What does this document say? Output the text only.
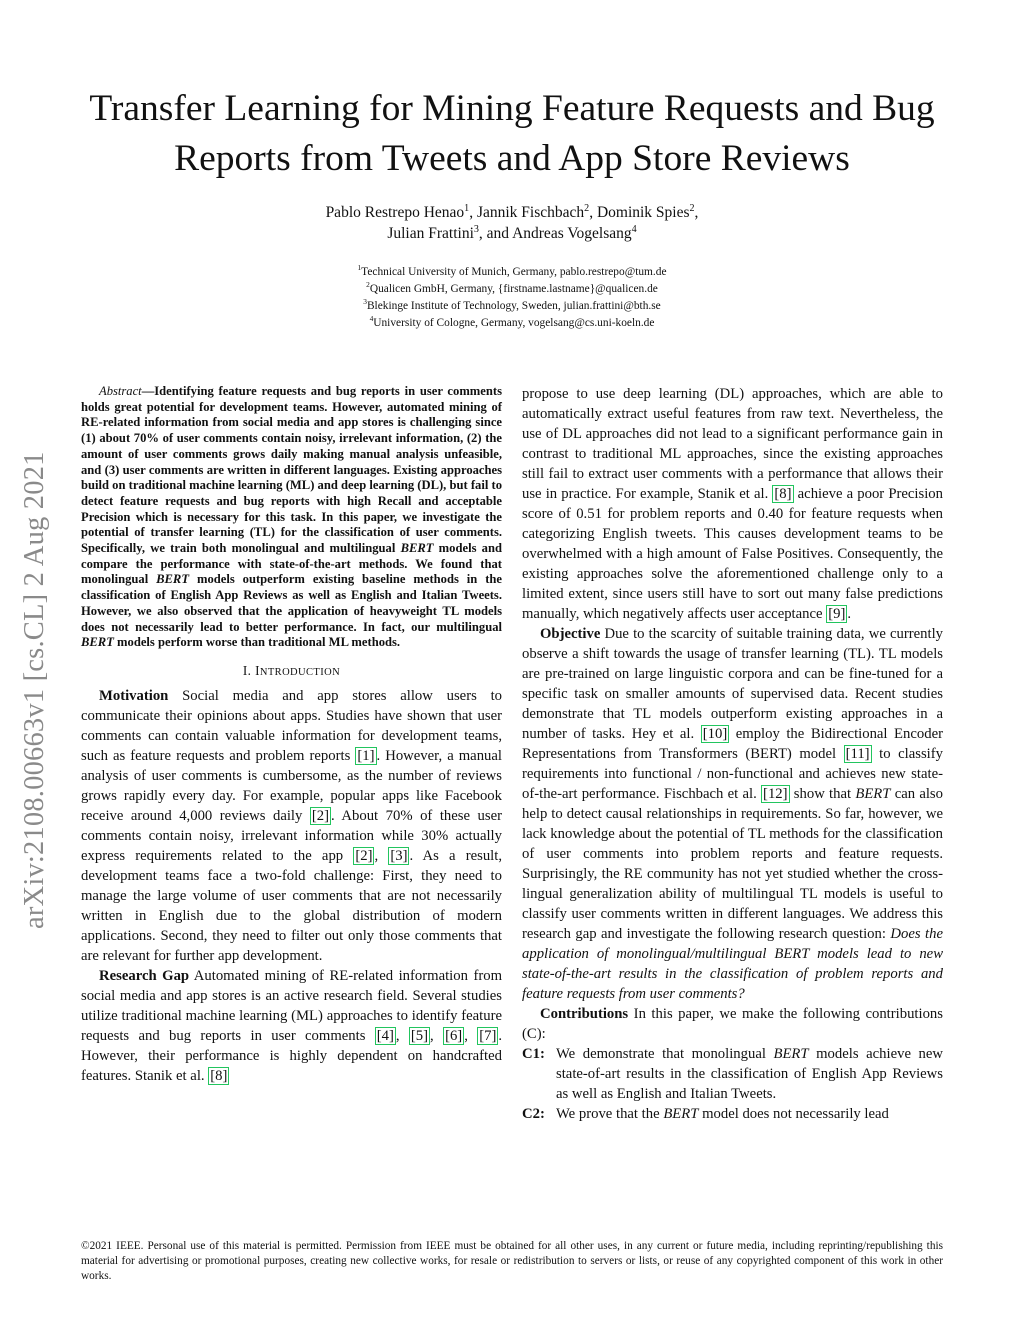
Transfer Learning for Mining Feature Requests and Bug Reports from Tweets and App Store Reviews
Pablo Restrepo Henao$^1$, Jannik Fischbach$^2$, Dominik Spies$^2$,
Julian Frattini$^3$, and Andreas Vogelsang$^4$
$^1$Technical University of Munich, Germany, pablo.restrepo@tum.de
$^2$Qualicen GmbH, Germany, {firstname.lastname}@qualicen.de
$^3$Blekinge Institute of Technology, Sweden, julian.frattini@bth.se
$^4$University of Cologne, Germany, vogelsang@cs.uni-koeln.de
arXiv:2108.00663v1 [cs.CL] 2 Aug 2021

Abstract—Identifying feature requests and bug reports in user comments holds great potential for development teams. However, automated mining of RE-related information from social media and app stores is challenging since (1) about 70% of user comments contain noisy, irrelevant information, (2) the amount of user comments grows daily making manual analysis unfeasible, and (3) user comments are written in different languages. Existing approaches build on traditional machine learning (ML) and deep learning (DL), but fail to detect feature requests and bug reports with high Recall and acceptable Precision which is necessary for this task. In this paper, we investigate the potential of transfer learning (TL) for the classification of user comments. Specifically, we train both monolingual and multilingual BERT models and compare the performance with state-of-the-art methods. We found that monolingual BERT models outperform existing baseline methods in the classification of English App Reviews as well as English and Italian Tweets. However, we also observed that the application of heavyweight TL models does not necessarily lead to better performance. In fact, our multilingual BERT models perform worse than traditional ML methods.

I. INTRODUCTION

Motivation Social media and app stores allow users to communicate their opinions about apps. Studies have shown that user comments can contain valuable information for development teams, such as feature requests and problem reports [1] . However, a manual analysis of user comments is cumbersome, as the number of reviews grows rapidly every day. For example, popular apps like Facebook receive around 4,000 reviews daily [2] . About 70% of these user comments contain noisy, irrelevant information while 30% actually express requirements related to the app [2] , [3] . As a result, development teams face a two-fold challenge: First, they need to manage the large volume of user comments that are not necessarily written in English due to the global distribution of modern applications. Second, they need to filter out only those comments that are relevant for further app development.

Research Gap Automated mining of RE-related information from social media and app stores is an active research field. Several studies utilize traditional machine learning (ML) approaches to identify feature requests and bug reports in user comments [4] , [5] , [6] , [7] . However, their performance is highly dependent on handcrafted features. Stanik et al. [8]

propose to use deep learning (DL) approaches, which are able to automatically extract useful features from raw text. Nevertheless, the use of DL approaches did not lead to a significant performance gain in contrast to traditional ML approaches, since the existing approaches still fail to extract user comments with a performance that allows their use in practice. For example, Stanik et al. [8] achieve a poor Precision score of 0.51 for problem reports and 0.40 for feature requests when categorizing English tweets. This causes development teams to be overwhelmed with a high amount of False Positives. Consequently, the existing approaches solve the aforementioned challenge only to a limited extent, since users still have to sort out many false predictions manually, which negatively affects user acceptance [9] .

Objective Due to the scarcity of suitable training data, we currently observe a shift towards the usage of transfer learning (TL). TL models are pre-trained on large linguistic corpora and can be fine-tuned for a specific task on smaller amounts of supervised data. Recent studies demonstrate that TL models outperform existing approaches in a number of tasks. Hey et al. [10] employ the Bidirectional Encoder Representations from Transformers (BERT) model [11] to classify requirements into functional / non-functional and achieves new state-of-the-art performance. Fischbach et al. [12] show that BERT can also help to detect causal relationships in requirements. So far, however, we lack knowledge about the potential of TL methods for the classification of user comments into problem reports and feature requests. Surprisingly, the RE community has not yet studied whether the cross-lingual generalization ability of multilingual TL models is useful to classify user comments written in different languages. We address this research gap and investigate the following research question: Does the application of monolingual/multilingual BERT models lead to new state-of-the-art results in the classification of problem reports and feature requests from user comments?

Contributions In this paper, we make the following contributions (C):

C1: We demonstrate that monolingual BERT models achieve new state-of-art results in the classification of English App Reviews as well as English and Italian Tweets.

C2: We prove that the BERT model does not necessarily lead

©2021 IEEE. Personal use of this material is permitted. Permission from IEEE must be obtained for all other uses, in any current or future media, including reprinting/republishing this material for advertising or promotional purposes, creating new collective works, for resale or redistribution to servers or lists, or reuse of any copyrighted component of this work in other works.
